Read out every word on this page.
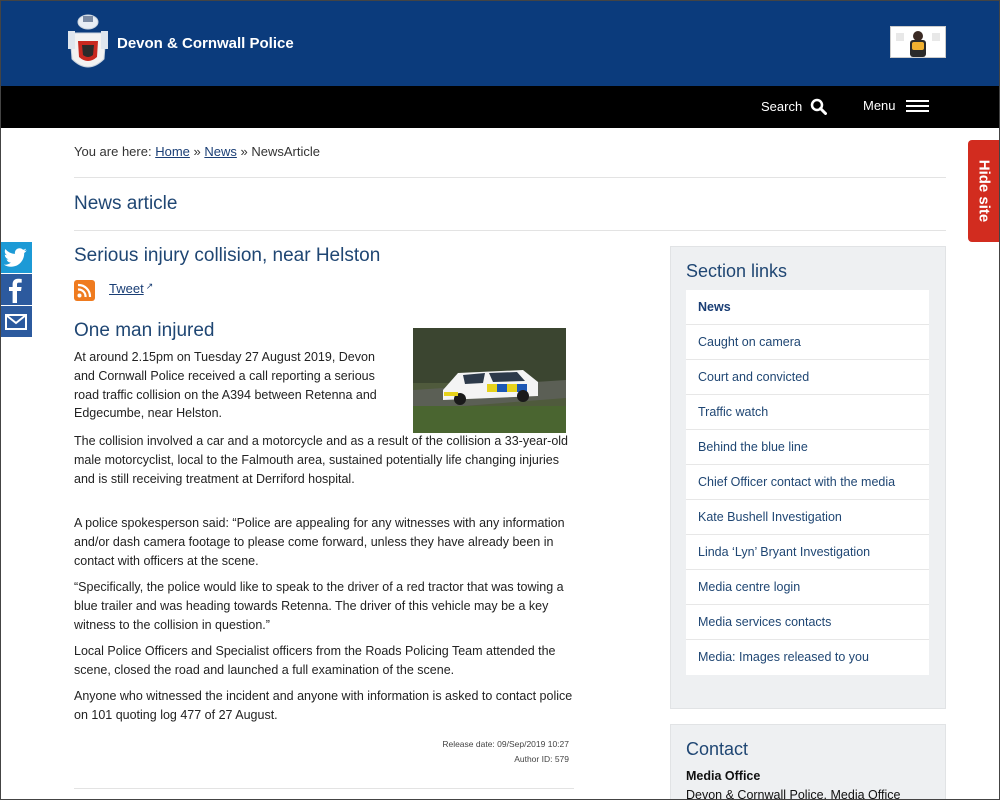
Devon & Cornwall Police
Search	Menu
Hide site
You are here: Home » News » NewsArticle
News article
Serious injury collision, near Helston
Tweet ↗
One man injured

At around 2.15pm on Tuesday 27 August 2019, Devon and Cornwall Police received a call reporting a serious road traffic collision on the A394 between Retenna and Edgecumbe, near Helston.

The collision involved a car and a motorcycle and as a result of the collision a 33-year-old male motorcyclist, local to the Falmouth area, sustained potentially life changing injuries and is still receiving treatment at Derriford hospital.

A police spokesperson said: “Police are appealing for any witnesses with any information and/or dash camera footage to please come forward, unless they have already been in contact with officers at the scene.

“Specifically, the police would like to speak to the driver of a red tractor that was towing a blue trailer and was heading towards Retenna. The driver of this vehicle may be a key witness to the collision in question.”

Local Police Officers and Specialist officers from the Roads Policing Team attended the scene, closed the road and launched a full examination of the scene.

Anyone who witnessed the incident and anyone with information is asked to contact police on 101 quoting log 477 of 27 August.

Release date: 09/Sep/2019 10:27
Author ID: 579
Section links
News
Caught on camera
Court and convicted
Traffic watch
Behind the blue line
Chief Officer contact with the media
Kate Bushell Investigation
Linda ‘Lyn’ Bryant Investigation
Media centre login
Media services contacts
Media: Images released to you
Contact
Media Office
Devon & Cornwall Police, Media Office
